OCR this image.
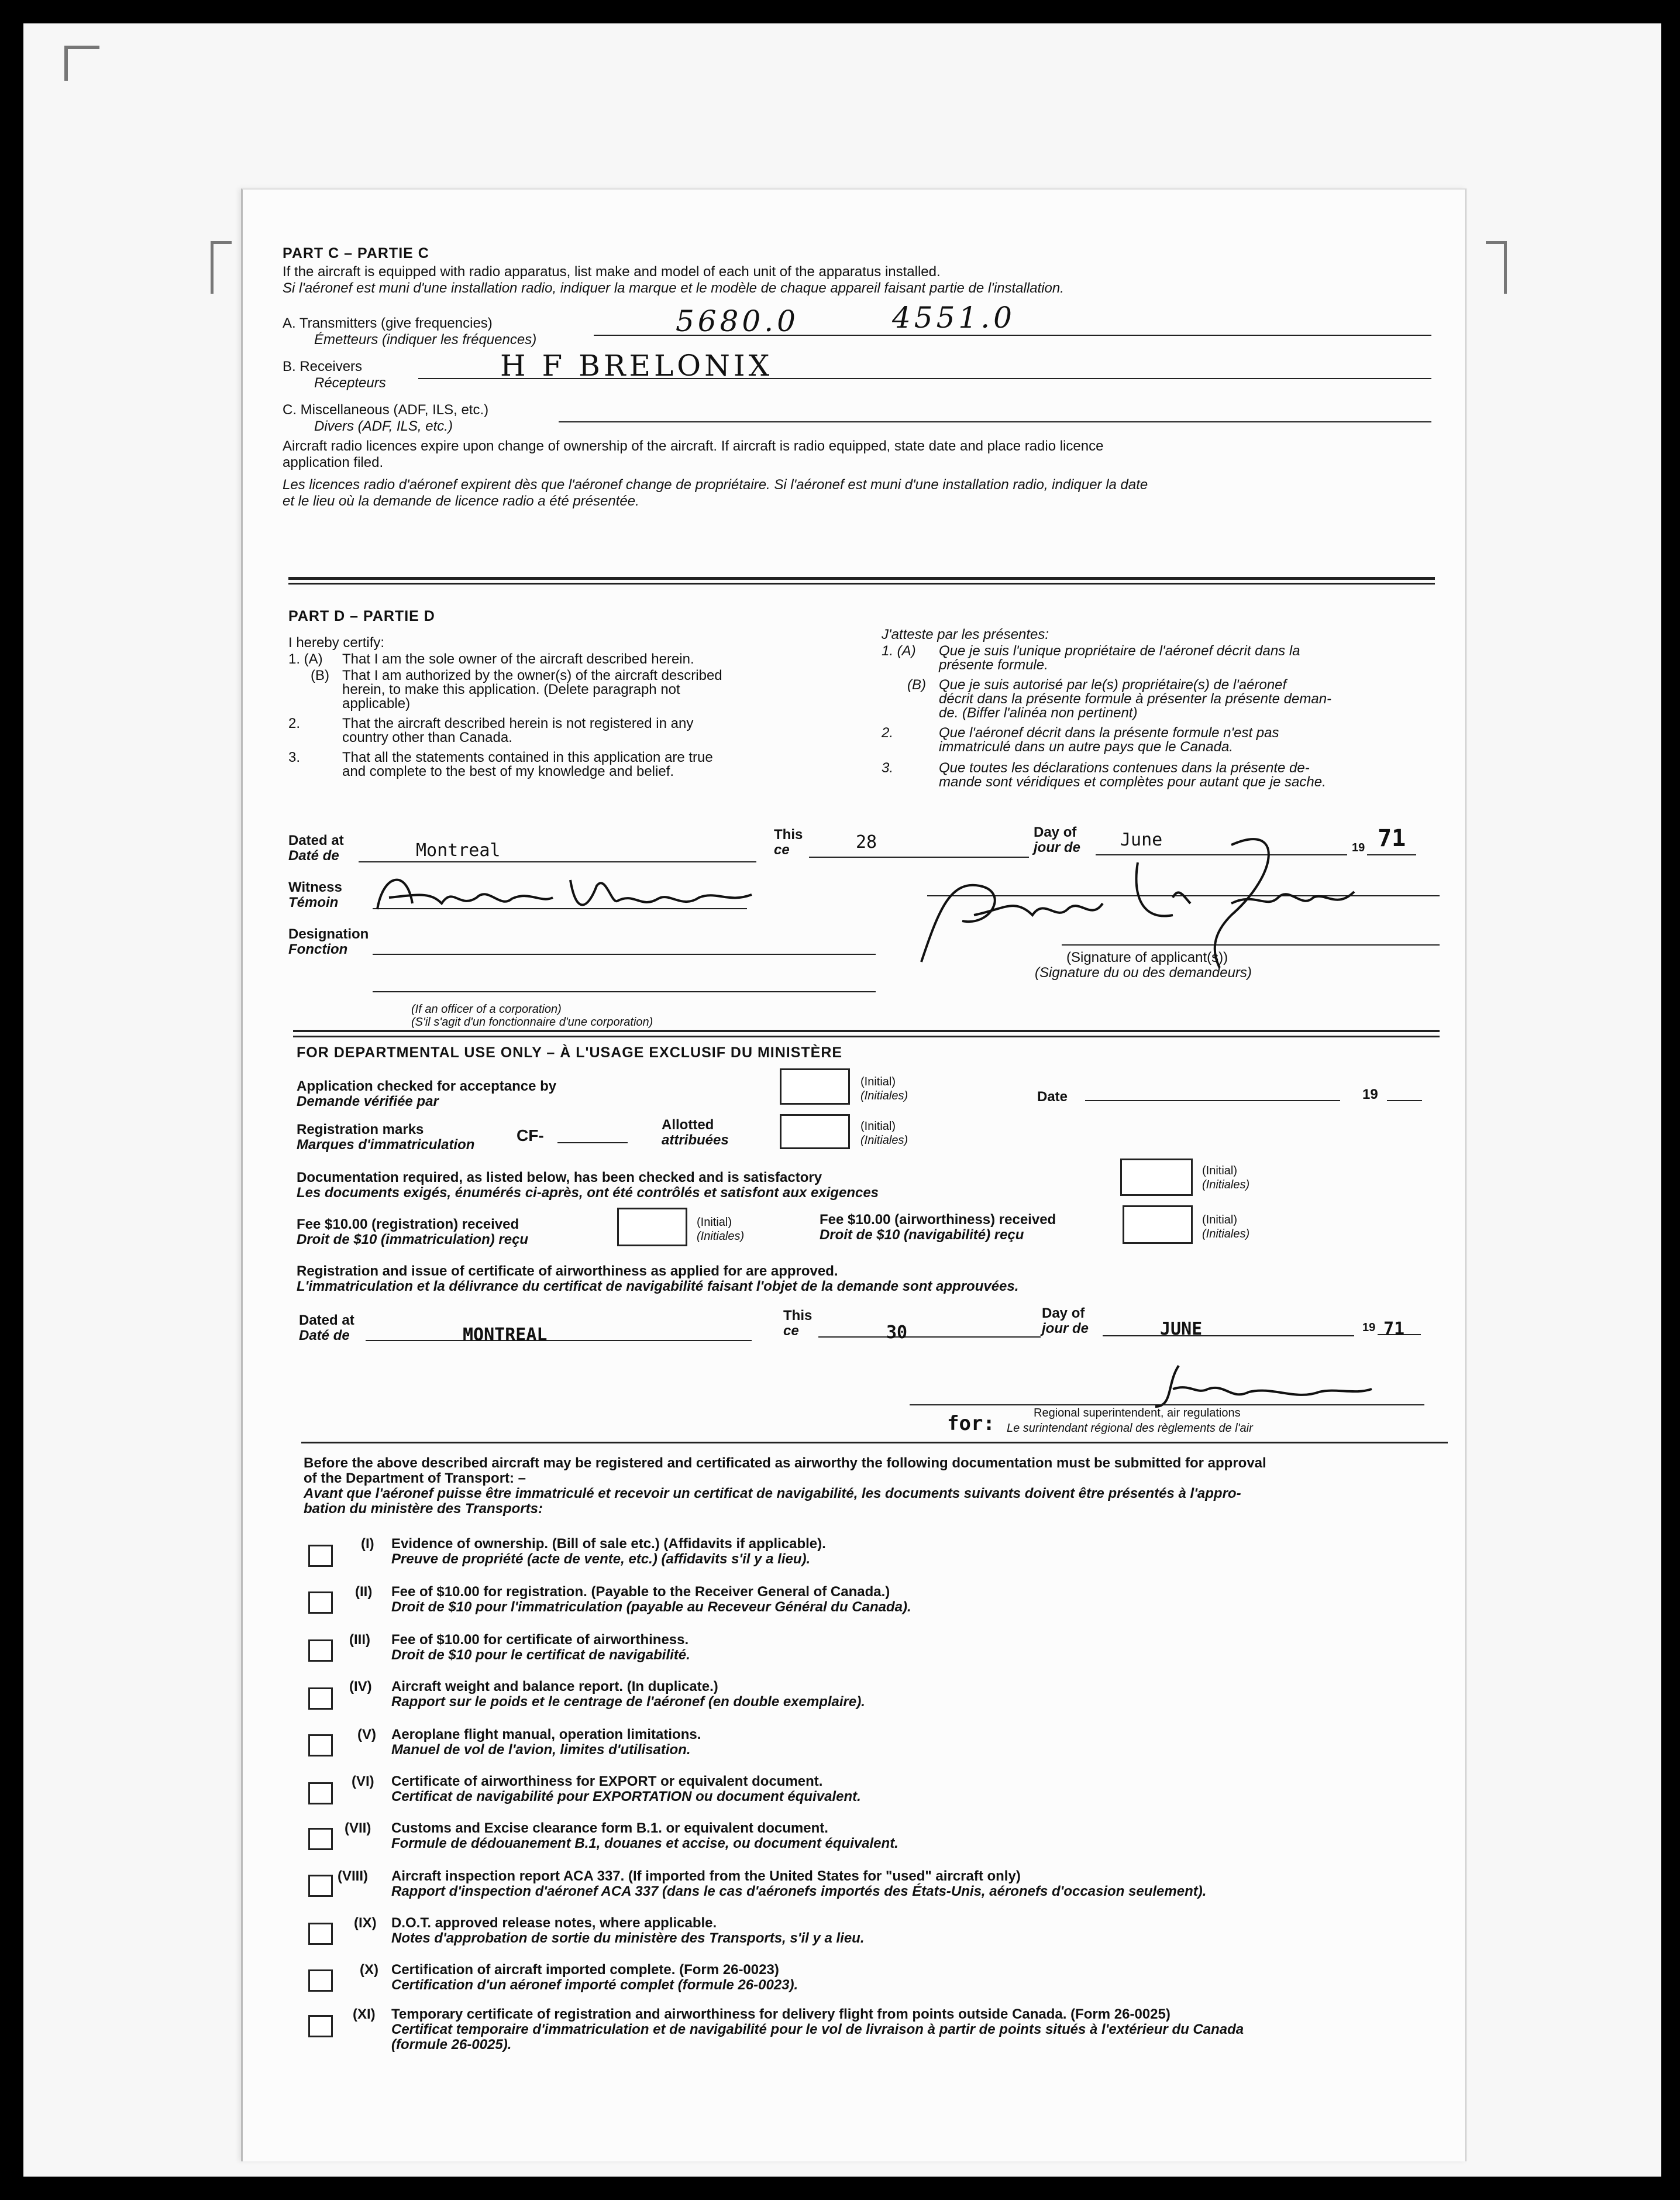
PART C – PARTIE C
If the aircraft is equipped with radio apparatus, list make and model of each unit of the apparatus installed.
Si l'aéronef est muni d'une installation radio, indiquer la marque et le modèle de chaque appareil faisant partie de l'installation.
A. Transmitters (give frequencies)
Émetteurs (indiquer les fréquences)
5680.0	4551.0
B. Receivers
Récepteurs
H F BRELONIX
C. Miscellaneous (ADF, ILS, etc.)
Divers (ADF, ILS, etc.)
Aircraft radio licences expire upon change of ownership of the aircraft. If aircraft is radio equipped, state date and place radio licence
application filed.
Les licences radio d'aéronef expirent dès que l'aéronef change de propriétaire. Si l'aéronef est muni d'une installation radio, indiquer la date
et le lieu où la demande de licence radio a été présentée.
PART D – PARTIE D
I hereby certify:
1. (A) That I am the sole owner of the aircraft described herein.
(B) That I am authorized by the owner(s) of the aircraft described
herein, to make this application. (Delete paragraph not
applicable)
2.	That the aircraft described herein is not registered in any
country other than Canada.
3.	That all the statements contained in this application are true
and complete to the best of my knowledge and belief.
J'atteste par les présentes:
1. (A) Que je suis l'unique propriétaire de l'aéronef décrit dans la
présente formule.
(B) Que je suis autorisé par le(s) propriétaire(s) de l'aéronef
décrit dans la présente formule à présenter la présente deman-
de. (Biffer l'alinéa non pertinent)
2.	Que l'aéronef décrit dans la présente formule n'est pas
immatriculé dans un autre pays que le Canada.
3.	Que toutes les déclarations contenues dans la présente de-
mande sont véridiques et complètes pour autant que je sache.
Dated at
Daté de	Montreal
This
ce	28	Day of
jour de June	19 71
Witness
Témoin
Designation
Fonction
(Signature of applicant(s))
(Signature du ou des demandeurs)
(If an officer of a corporation)
(S'il s'agit d'un fonctionnaire d'une corporation)
FOR DEPARTMENTAL USE ONLY – À L'USAGE EXCLUSIF DU MINISTÈRE
Application checked for acceptance by
Demande vérifiée par
(Initial)
(Initiales)	Date	19
Registration marks
Marques d'immatriculation
CF-
Allotted
attribuées
(Initial)
(Initiales)
Documentation required, as listed below, has been checked and is satisfactory
Les documents exigés, énumérés ci-après, ont été contrôlés et satisfont aux exigences
(Initial)
(Initiales)
Fee $10.00 (registration) received
Droit de $10 (immatriculation) reçu
(Initial)
(Initiales)
Fee $10.00 (airworthiness) received
Droit de $10 (navigabilité) reçu
(Initial)
(Initiales)
Registration and issue of certificate of airworthiness as applied for are approved.
L'immatriculation et la délivrance du certificat de navigabilité faisant l'objet de la demande sont approuvées.
Dated at
Daté de	MONTREAL
This
ce	30
Day of
jour de	JUNE	19 71
Regional superintendent, air regulations
for: Le surintendant régional des règlements de l'air
Before the above described aircraft may be registered and certificated as airworthy the following documentation must be submitted for approval
of the Department of Transport: –
Avant que l'aéronef puisse être immatriculé et recevoir un certificat de navigabilité, les documents suivants doivent être présentés à l'appro-
bation du ministère des Transports:
(I) Evidence of ownership. (Bill of sale etc.) (Affidavits if applicable).
Preuve de propriété (acte de vente, etc.) (affidavits s'il y a lieu).
(II) Fee of $10.00 for registration. (Payable to the Receiver General of Canada.)
Droit de $10 pour l'immatriculation (payable au Receveur Général du Canada).
(III) Fee of $10.00 for certificate of airworthiness.
Droit de $10 pour le certificat de navigabilité.
(IV) Aircraft weight and balance report. (In duplicate.)
Rapport sur le poids et le centrage de l'aéronef (en double exemplaire).
(V) Aeroplane flight manual, operation limitations.
Manuel de vol de l'avion, limites d'utilisation.
(VI) Certificate of airworthiness for EXPORT or equivalent document.
Certificat de navigabilité pour EXPORTATION ou document équivalent.
(VII) Customs and Excise clearance form B.1. or equivalent document.
Formule de dédouanement B.1, douanes et accise, ou document équivalent.
(VIII) Aircraft inspection report ACA 337. (If imported from the United States for "used" aircraft only)
Rapport d'inspection d'aéronef ACA 337 (dans le cas d'aéronefs importés des États-Unis, aéronefs d'occasion seulement).
(IX) D.O.T. approved release notes, where applicable.
Notes d'approbation de sortie du ministère des Transports, s'il y a lieu.
(X) Certification of aircraft imported complete. (Form 26-0023)
Certification d'un aéronef importé complet (formule 26-0023).
(XI) Temporary certificate of registration and airworthiness for delivery flight from points outside Canada. (Form 26-0025)
Certificat temporaire d'immatriculation et de navigabilité pour le vol de livraison à partir de points situés à l'extérieur du Canada
(formule 26-0025).
